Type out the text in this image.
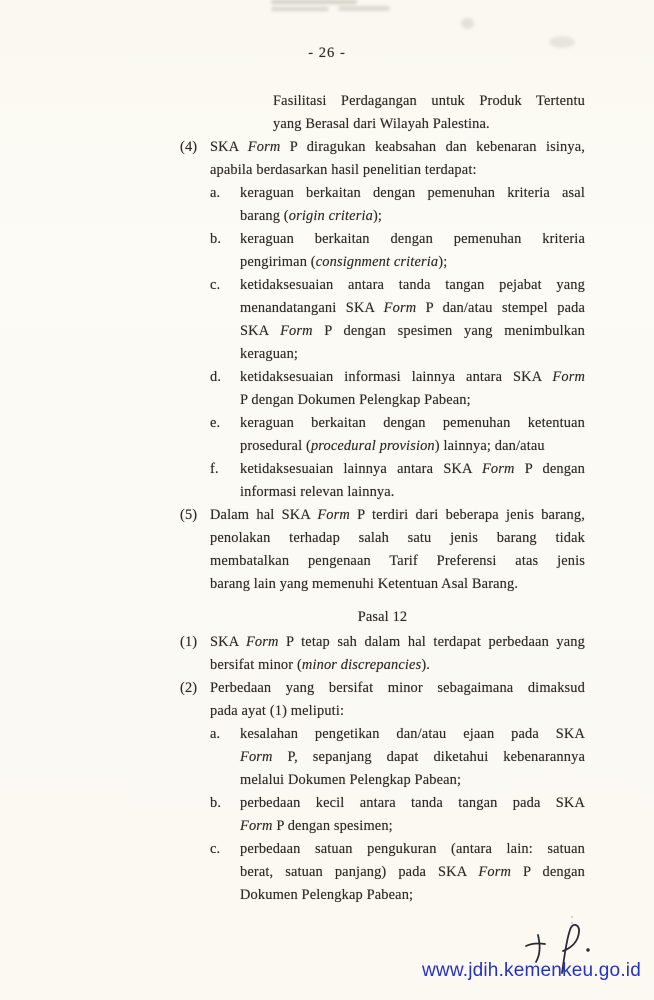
- 26 -
Fasilitasi Perdagangan untuk Produk Tertentu
yang Berasal dari Wilayah Palestina.
(4) SKA Form P diragukan keabsahan dan kebenaran isinya,
apabila berdasarkan hasil penelitian terdapat:
a.	keraguan berkaitan dengan pemenuhan kriteria asal
barang (origin criteria);
b.	keraguan berkaitan dengan pemenuhan kriteria
pengiriman (consignment criteria);
c.	ketidaksesuaian antara tanda tangan pejabat yang
menandatangani SKA Form P dan/atau stempel pada
SKA Form P dengan spesimen yang menimbulkan
keraguan;
d.	ketidaksesuaian informasi lainnya antara SKA Form
P dengan Dokumen Pelengkap Pabean;
e.	keraguan berkaitan dengan pemenuhan ketentuan
prosedural (procedural provision) lainnya; dan/atau
f.	ketidaksesuaian lainnya antara SKA Form P dengan
informasi relevan lainnya.
(5) Dalam hal SKA Form P terdiri dari beberapa jenis barang,
penolakan terhadap salah satu jenis barang tidak
membatalkan pengenaan Tarif Preferensi atas jenis
barang lain yang memenuhi Ketentuan Asal Barang.
Pasal 12
(1) SKA Form P tetap sah dalam hal terdapat perbedaan yang
bersifat minor (minor discrepancies).
(2) Perbedaan yang bersifat minor sebagaimana dimaksud
pada ayat (1) meliputi:
a.	kesalahan pengetikan dan/atau ejaan pada SKA
Form P, sepanjang dapat diketahui kebenarannya
melalui Dokumen Pelengkap Pabean;
b.	perbedaan kecil antara tanda tangan pada SKA
Form P dengan spesimen;
c.	perbedaan satuan pengukuran (antara lain: satuan
berat, satuan panjang) pada SKA Form P dengan
Dokumen Pelengkap Pabean;
www.jdih.kemenkeu.go.id
